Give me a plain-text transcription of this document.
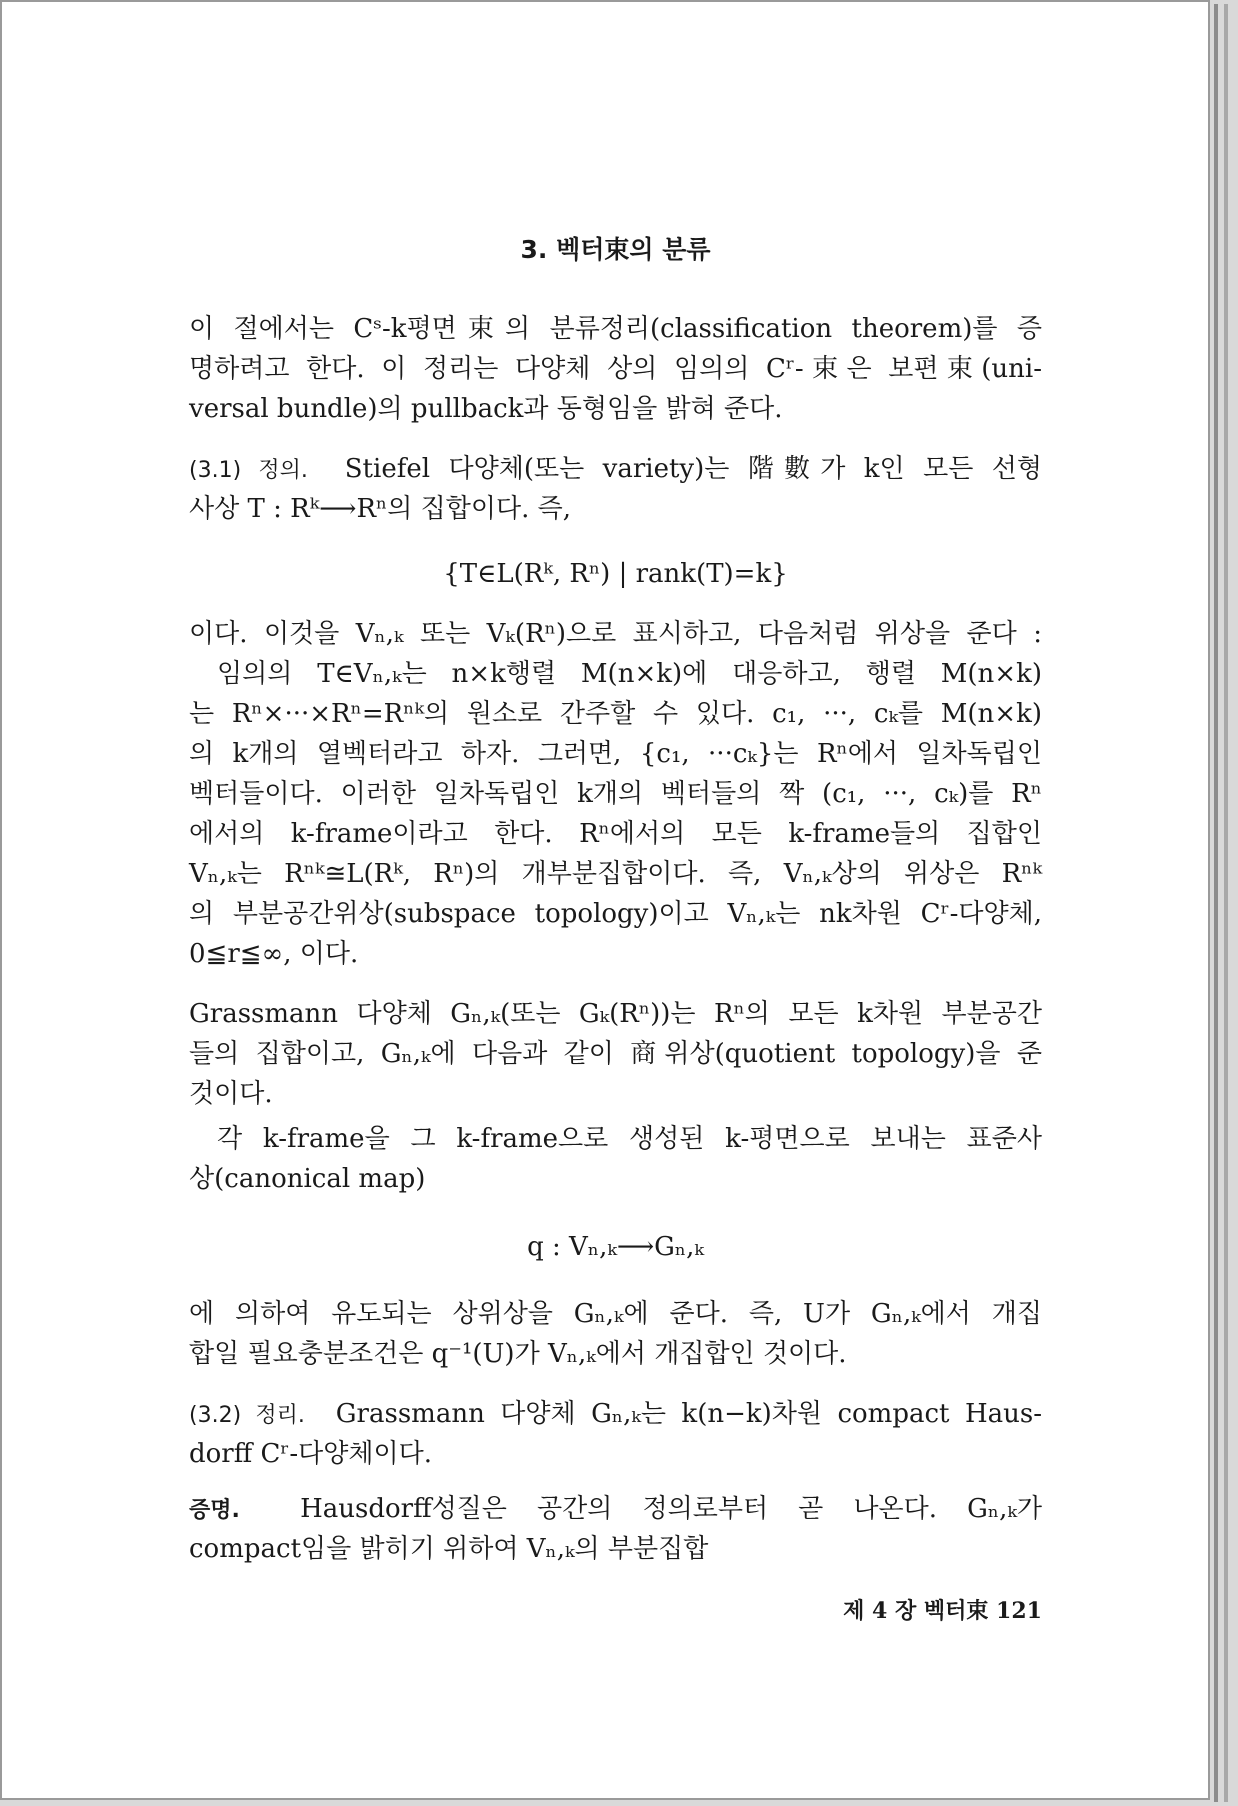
3. 벡터束의 분류
이 절에서는 Cˢ-k평면束의 분류정리(classification theorem)를 증
명하려고 한다. 이 정리는 다양체 상의 임의의 Cʳ-束은 보편束(uni-
versal bundle)의 pullback과 동형임을 밝혀 준다.
(3.1) 정의. Stiefel 다양체(또는 variety)는 階數가 k인 모든 선형
사상 T : Rᵏ⟶Rⁿ의 집합이다. 즉,
{T∈L(Rᵏ, Rⁿ) | rank(T)=k}
이다. 이것을 Vₙ,ₖ 또는 Vₖ(Rⁿ)으로 표시하고, 다음처럼 위상을 준다 :
임의의 T∈Vₙ,ₖ는 n×k행렬 M(n×k)에 대응하고, 행렬 M(n×k)
는 Rⁿ×···×Rⁿ=Rⁿᵏ의 원소로 간주할 수 있다. c₁, ···, cₖ를 M(n×k)
의 k개의 열벡터라고 하자. 그러면, {c₁, ···cₖ}는 Rⁿ에서 일차독립인
벡터들이다. 이러한 일차독립인 k개의 벡터들의 짝 (c₁, ···, cₖ)를 Rⁿ
에서의 k-frame이라고 한다. Rⁿ에서의 모든 k-frame들의 집합인
Vₙ,ₖ는 Rⁿᵏ≅L(Rᵏ, Rⁿ)의 개부분집합이다. 즉, Vₙ,ₖ상의 위상은 Rⁿᵏ
의 부분공간위상(subspace topology)이고 Vₙ,ₖ는 nk차원 Cʳ-다양체,
0≦r≦∞, 이다.
Grassmann 다양체 Gₙ,ₖ(또는 Gₖ(Rⁿ))는 Rⁿ의 모든 k차원 부분공간
들의 집합이고, Gₙ,ₖ에 다음과 같이 商위상(quotient topology)을 준
것이다.
각 k-frame을 그 k-frame으로 생성된 k-평면으로 보내는 표준사
상(canonical map)
q : Vₙ,ₖ⟶Gₙ,ₖ
에 의하여 유도되는 상위상을 Gₙ,ₖ에 준다. 즉, U가 Gₙ,ₖ에서 개집
합일 필요충분조건은 q⁻¹(U)가 Vₙ,ₖ에서 개집합인 것이다.
(3.2) 정리. Grassmann 다양체 Gₙ,ₖ는 k(n−k)차원 compact Haus-
dorff Cʳ-다양체이다.
증명. Hausdorff성질은 공간의 정의로부터 곧 나온다. Gₙ,ₖ가
compact임을 밝히기 위하여 Vₙ,ₖ의 부분집합
제 4 장 벡터束 121
